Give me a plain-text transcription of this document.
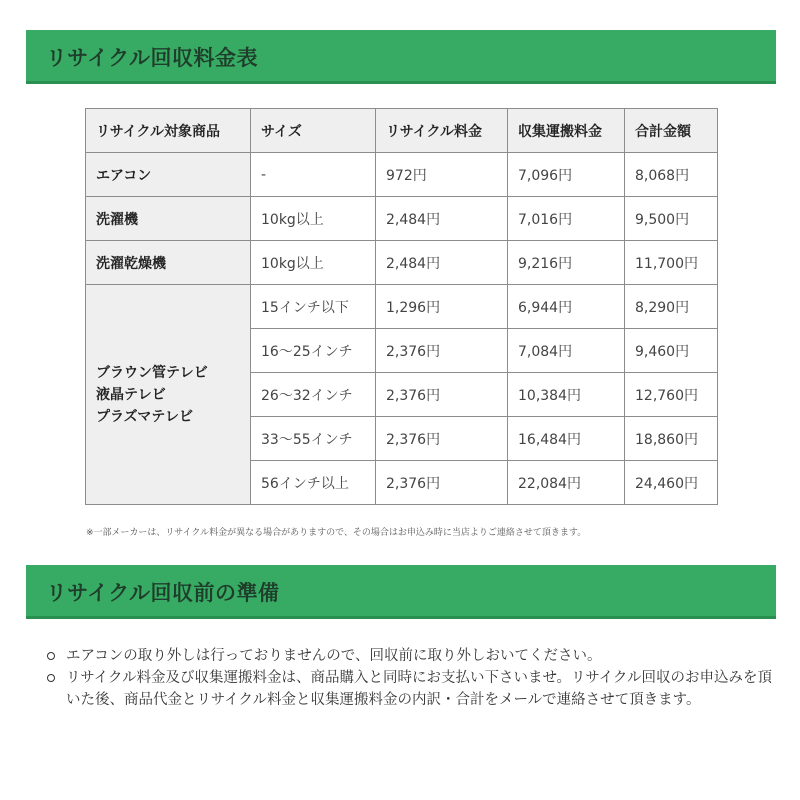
リサイクル回収料金表
リサイクル対象商品	サイズ	リサイクル料金	収集運搬料金	合計金額
エアコン	-	972円	7,096円	8,068円
洗濯機	10kg以上	2,484円	7,016円	9,500円
洗濯乾燥機	10kg以上	2,484円	9,216円	11,700円

ブラウン管テレビ
液晶テレビ
プラズマテレビ	15インチ以下	1,296円	6,944円	8,290円
	16〜25インチ	2,376円	7,084円	9,460円
	26〜32インチ	2,376円	10,384円	12,760円
	33〜55インチ	2,376円	16,484円	18,860円
	56インチ以上	2,376円	22,084円	24,460円
※一部メーカーは、リサイクル料金が異なる場合がありますので、その場合はお申込み時に当店よりご連絡させて頂きます。
リサイクル回収前の準備
エアコンの取り外しは行っておりませんので、回収前に取り外しおいてください。
リサイクル料金及び収集運搬料金は、商品購入と同時にお支払い下さいませ。リサイクル回収のお申込みを頂いた後、商品代金とリサイクル料金と収集運搬料金の内訳・合計をメールで連絡させて頂きます。
